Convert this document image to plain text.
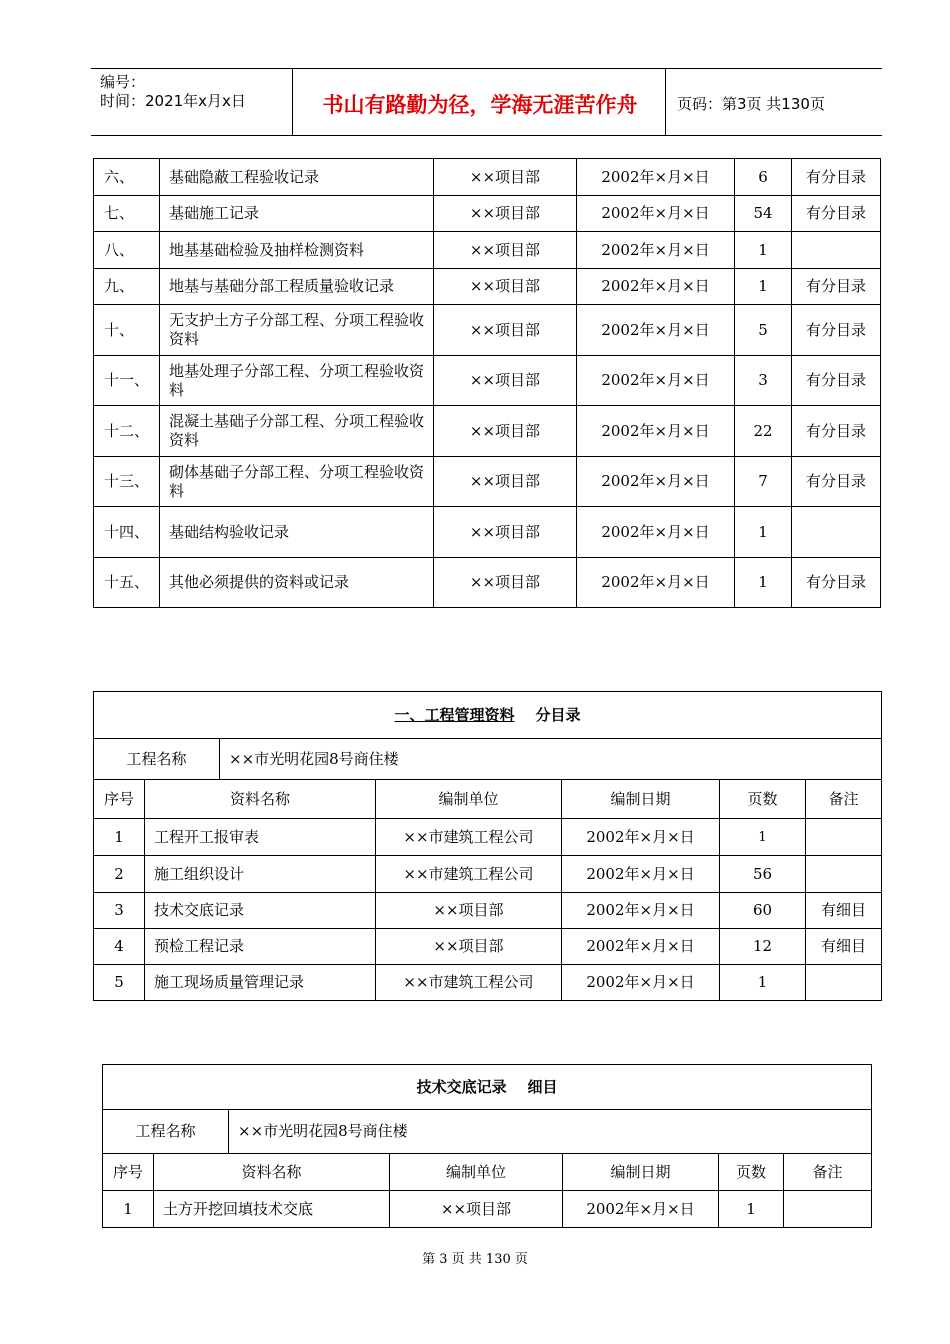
编号：
时间：2021年x月x日	书山有路勤为径，学海无涯苦作舟	页码：第3页 共130页
六、	基础隐蔽工程验收记录	××项目部	2002年×月×日	6	有分目录
七、	基础施工记录	××项目部	2002年×月×日	54	有分目录
八、	地基基础检验及抽样检测资料	××项目部	2002年×月×日	1	
九、	地基与基础分部工程质量验收记录	××项目部	2002年×月×日	1	有分目录
十、	无支护土方子分部工程、分项工程验收资料	××项目部	2002年×月×日	5	有分目录
十一、	地基处理子分部工程、分项工程验收资料	××项目部	2002年×月×日	3	有分目录
十二、	混凝土基础子分部工程、分项工程验收资料	××项目部	2002年×月×日	22	有分目录
十三、	砌体基础子分部工程、分项工程验收资料	××项目部	2002年×月×日	7	有分目录
十四、	基础结构验收记录	××项目部	2002年×月×日	1	
十五、	其他必须提供的资料或记录	××项目部	2002年×月×日	1	有分目录
一、工程管理资料 分目录						
工程名称		××市光明花园8号商住楼				
序号	资料名称		编制单位	编制日期	页数	备注
1	工程开工报审表		××市建筑工程公司	2002年×月×日	1	
2	施工组织设计		××市建筑工程公司	2002年×月×日	56	
3	技术交底记录		××项目部	2002年×月×日	60	有细目
4	预检工程记录		××项目部	2002年×月×日	12	有细目
5	施工现场质量管理记录		××市建筑工程公司	2002年×月×日	1	
技术交底记录 细目						
工程名称		××市光明花园8号商住楼				
序号	资料名称		编制单位	编制日期	页数	备注
1	土方开挖回填技术交底		××项目部	2002年×月×日	1	
第 3 页 共 130 页
